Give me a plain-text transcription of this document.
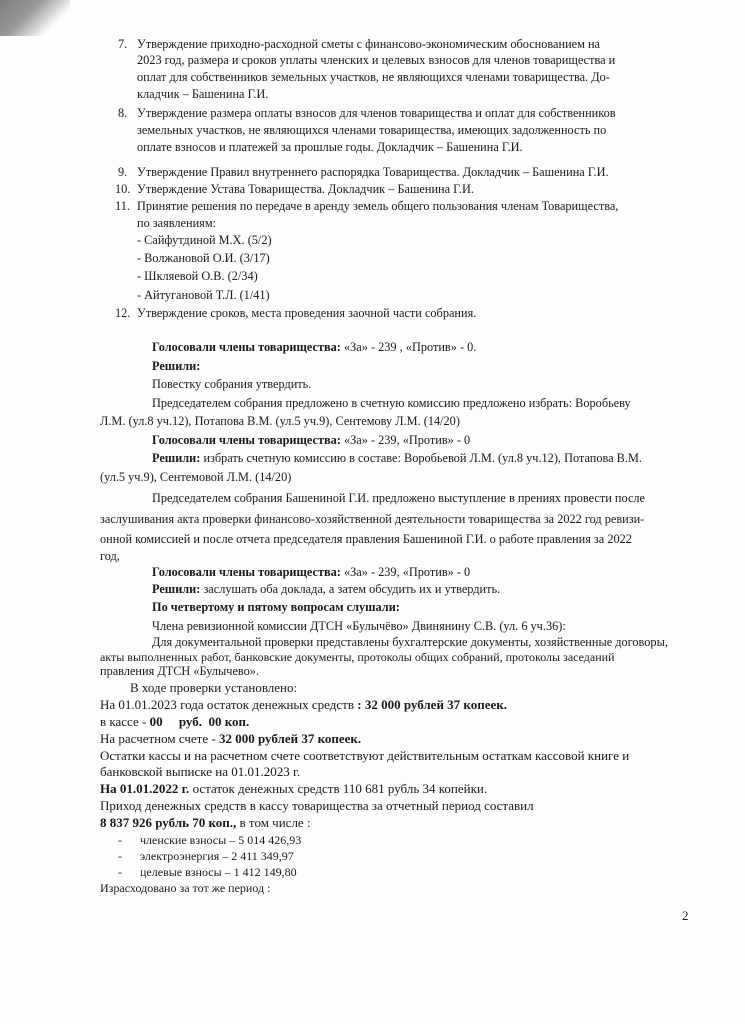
7. Утверждение приходно-расходной сметы с финансово-экономическим обоснованием на
2023 год, размера и сроков уплаты членских и целевых взносов для членов товарищества и
оплат для собственников земельных участков, не являющихся членами товарищества. До-
кладчик – Башенина Г.И.
8. Утверждение размера оплаты взносов для членов товарищества и оплат для собственников
земельных участков, не являющихся членами товарищества, имеющих задолженность по
оплате взносов и платежей за прошлые годы. Докладчик – Башенина Г.И.
9. Утверждение Правил внутреннего распорядка Товарищества. Докладчик – Башенина Г.И.
10. Утверждение Устава Товарищества. Докладчик – Башенина Г.И.
11. Принятие решения по передаче в аренду земель общего пользования членам Товарищества,
по заявлениям:
- Сайфутдиной М.Х. (5/2)
- Волжановой О.И. (3/17)
- Шкляевой О.В. (2/34)
- Айтугановой Т.Л. (1/41)
12. Утверждение сроков, места проведения заочной части собрания.
Голосовали члены товарищества: «За» - 239 , «Против» - 0.
Решили:
Повестку собрания утвердить.
Председателем собрания предложено в счетную комиссию предложено избрать: Воробьеву
Л.М. (ул.8 уч.12), Потапова В.М. (ул.5 уч.9), Сентемову Л.М. (14/20)
Голосовали члены товарищества: «За» - 239, «Против» - 0
Решили: избрать счетную комиссию в составе: Воробьевой Л.М. (ул.8 уч.12), Потапова В.М.
(ул.5 уч.9), Сентемовой Л.М. (14/20)
Председателем собрания Башениной Г.И. предложено выступление в прениях провести после
заслушивания акта проверки финансово-хозяйственной деятельности товарищества за 2022 год ревизи-
онной комиссией и после отчета председателя правления Башениной Г.И. о работе правления за 2022
год,
Голосовали члены товарищества: «За» - 239, «Против» - 0
Решили: заслушать оба доклада, а затем обсудить их и утвердить.
По четвертому и пятому вопросам слушали:
Члена ревизионной комиссии ДТСН «Булычёво» Двинянину С.В. (ул. 6 уч.36):
Для документальной проверки представлены бухгалтерские документы, хозяйственные договоры,
акты выполненных работ, банковские документы, протоколы общих собраний, протоколы заседаний
правления ДТСН «Булычево».
В ходе проверки установлено:
На 01.01.2023 года остаток денежных средств : 32 000 рублей 37 копеек.
в кассе - 00     руб.  00 коп.
На расчетном счете - 32 000 рублей 37 копеек.
Остатки кассы и на расчетном счете соответствуют действительным остаткам кассовой книге и
банковской выписке на 01.01.2023 г.
На 01.01.2022 г. остаток денежных средств 110 681 рубль 34 копейки.
Приход денежных средств в кассу товарищества за отчетный период составил
8 837 926 рубль 70 коп., в том числе :
- членские взносы – 5 014 426,93
- электроэнергия – 2 411 349,97
- целевые взносы – 1 412 149,80
Израсходовано за тот же период :
2
